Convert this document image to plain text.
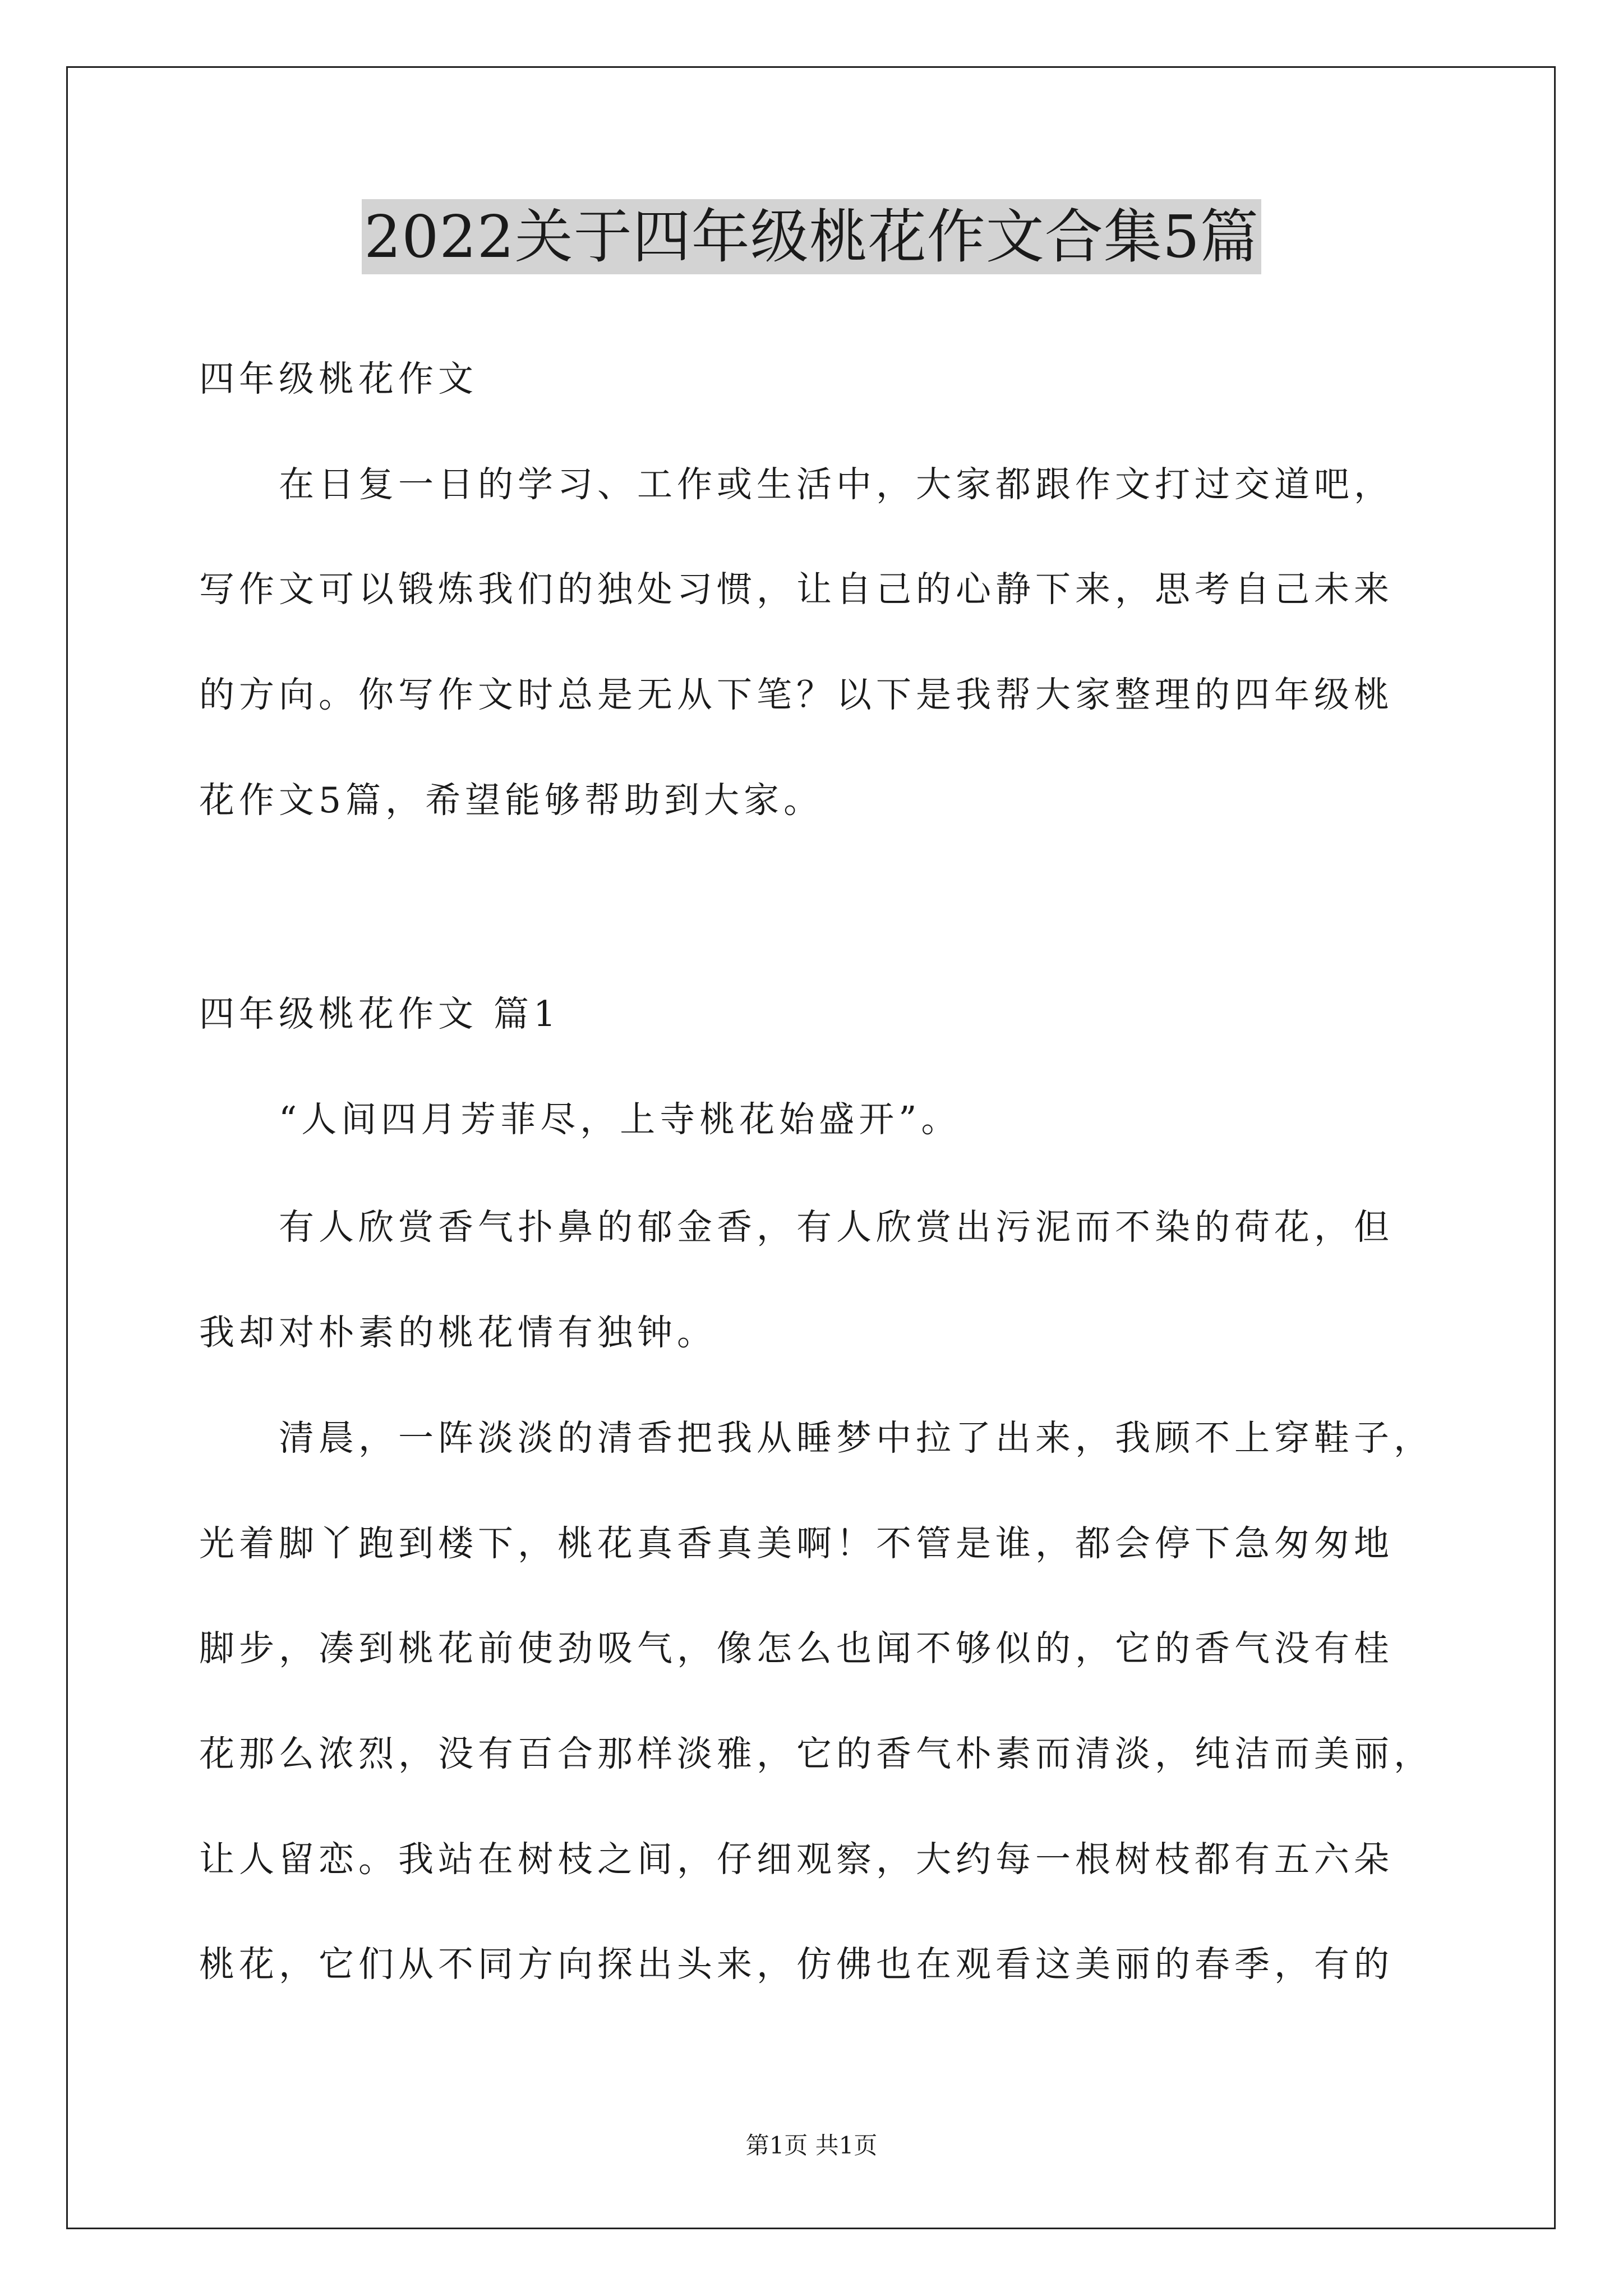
2022关于四年级桃花作文合集5篇

四年级桃花作文

在日复一日的学习、工作或生活中，大家都跟作文打过交道吧，

写作文可以锻炼我们的独处习惯，让自己的心静下来，思考自己未来

的方向。你写作文时总是无从下笔？以下是我帮大家整理的四年级桃

花作文5篇，希望能够帮助到大家。

四年级桃花作文 篇1

“人间四月芳菲尽，上寺桃花始盛开”。

有人欣赏香气扑鼻的郁金香，有人欣赏出污泥而不染的荷花，但

我却对朴素的桃花情有独钟。

清晨，一阵淡淡的清香把我从睡梦中拉了出来，我顾不上穿鞋子，

光着脚丫跑到楼下，桃花真香真美啊！不管是谁，都会停下急匆匆地

脚步，凑到桃花前使劲吸气，像怎么也闻不够似的，它的香气没有桂

花那么浓烈，没有百合那样淡雅，它的香气朴素而清淡，纯洁而美丽，

让人留恋。我站在树枝之间，仔细观察，大约每一根树枝都有五六朵

桃花，它们从不同方向探出头来，仿佛也在观看这美丽的春季，有的

第1页 共1页
